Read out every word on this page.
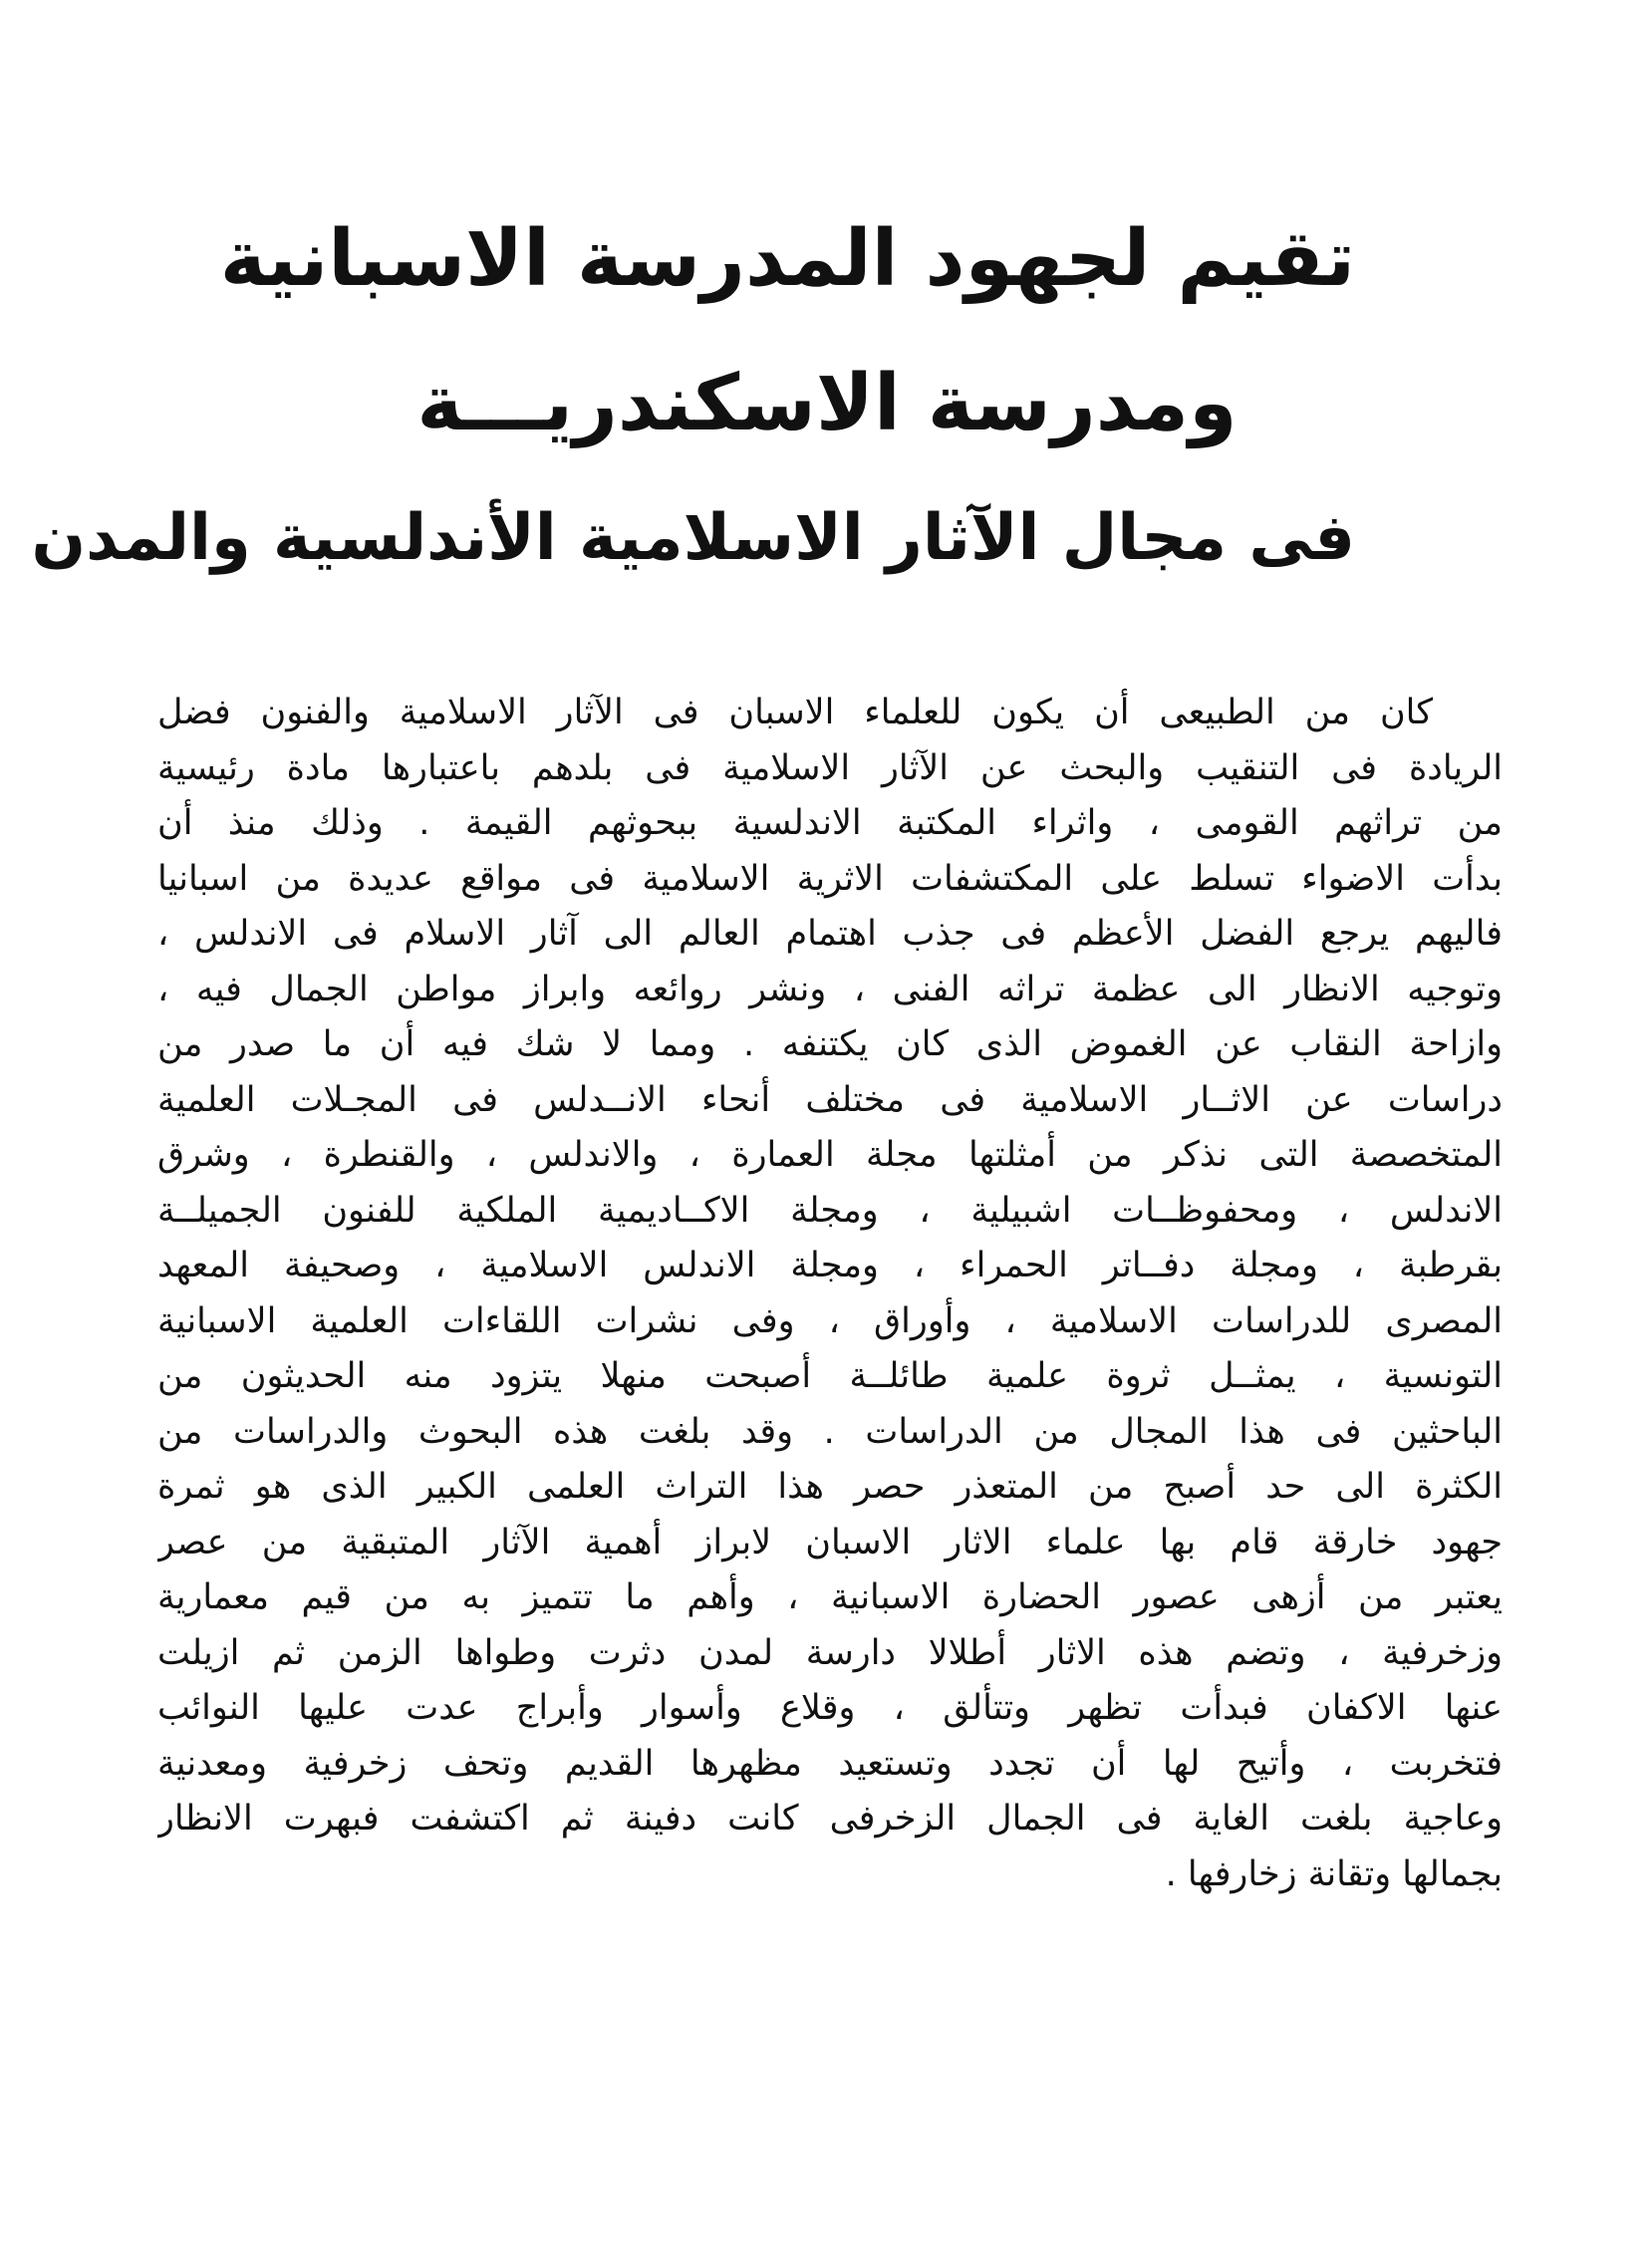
تقيم لجهود المدرسة الاسبانية
ومدرسة الاسكندريـــة
فى مجال الآثار الاسلامية الأندلسية والمدن
كان من الطبيعى أن يكون للعلماء الاسبان فى الآثار الاسلامية والفنون فضل
الريادة فى التنقيب والبحث عن الآثار الاسلامية فى بلدهم باعتبارها مادة رئيسية
من تراثهم القومى ، واثراء المكتبة الاندلسية ببحوثهم القيمة . وذلك منذ أن
بدأت الاضواء تسلط على المكتشفات الاثرية الاسلامية فى مواقع عديدة من اسبانيا
فاليهم يرجع الفضل الأعظم فى جذب اهتمام العالم الى آثار الاسلام فى الاندلس ،
وتوجيه الانظار الى عظمة تراثه الفنى ، ونشر روائعه وابراز مواطن الجمال فيه ،
وازاحة النقاب عن الغموض الذى كان يكتنفه . ومما لا شك فيه أن ما صدر من
دراسات عن الاثــار الاسلامية فى مختلف أنحاء الانــدلس فى المجـلات العلمية
المتخصصة التى نذكر من أمثلتها مجلة العمارة ، والاندلس ، والقنطرة ، وشرق
الاندلس ، ومحفوظــات اشبيلية ، ومجلة الاكــاديمية الملكية للفنون الجميلــة
بقرطبة ، ومجلة دفــاتر الحمراء ، ومجلة الاندلس الاسلامية ، وصحيفة المعهد
المصرى للدراسات الاسلامية ، وأوراق ، وفى نشرات اللقاءات العلمية الاسبانية
التونسية ، يمثــل ثروة علمية طائلــة أصبحت منهلا يتزود منه الحديثون من
الباحثين فى هذا المجال من الدراسات . وقد بلغت هذه البحوث والدراسات من
الكثرة الى حد أصبح من المتعذر حصر هذا التراث العلمى الكبير الذى هو ثمرة
جهود خارقة قام بها علماء الاثار الاسبان لابراز أهمية الآثار المتبقية من عصر
يعتبر من أزهى عصور الحضارة الاسبانية ، وأهم ما تتميز به من قيم معمارية
وزخرفية ، وتضم هذه الاثار أطلالا دارسة لمدن دثرت وطواها الزمن ثم ازيلت
عنها الاكفان فبدأت تظهر وتتألق ، وقلاع وأسوار وأبراج عدت عليها النوائب
فتخربت ، وأتيح لها أن تجدد وتستعيد مظهرها القديم وتحف زخرفية ومعدنية
وعاجية بلغت الغاية فى الجمال الزخرفى كانت دفينة ثم اكتشفت فبهرت الانظار
بجمالها وتقانة زخارفها .
